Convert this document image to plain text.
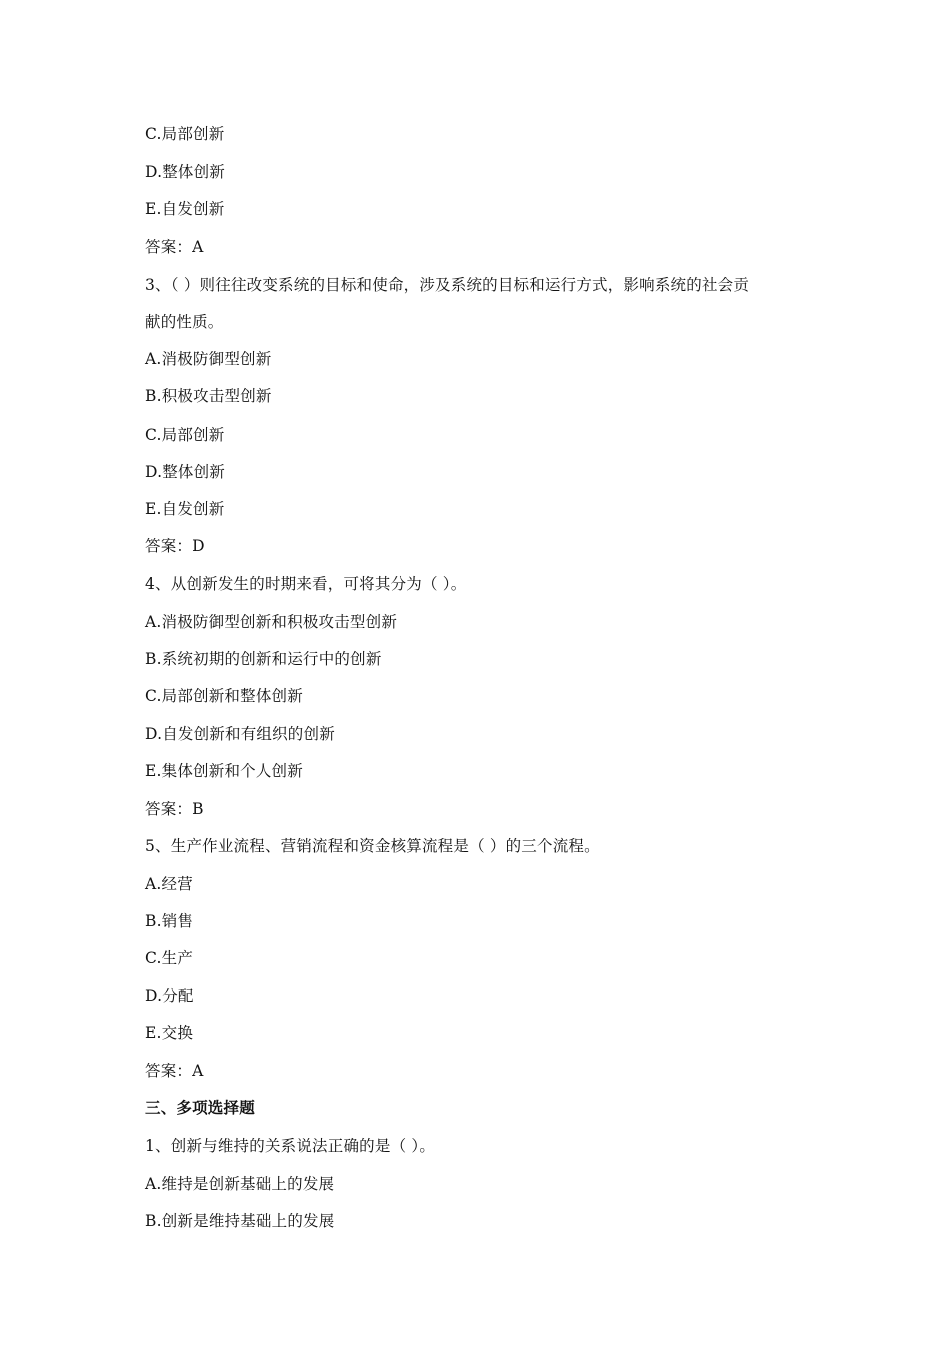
C.局部创新
D.整体创新
E.自发创新
答案：A
3、（ ）则往往改变系统的目标和使命，涉及系统的目标和运行方式，影响系统的社会贡
献的性质。
A.消极防御型创新
B.积极攻击型创新
C.局部创新
D.整体创新
E.自发创新
答案：D
4、从创新发生的时期来看，可将其分为（ ）。
A.消极防御型创新和积极攻击型创新
B.系统初期的创新和运行中的创新
C.局部创新和整体创新
D.自发创新和有组织的创新
E.集体创新和个人创新
答案：B
5、生产作业流程、营销流程和资金核算流程是（ ）的三个流程。
A.经营
B.销售
C.生产
D.分配
E.交换
答案：A
三、多项选择题
1、创新与维持的关系说法正确的是（ ）。
A.维持是创新基础上的发展
B.创新是维持基础上的发展
